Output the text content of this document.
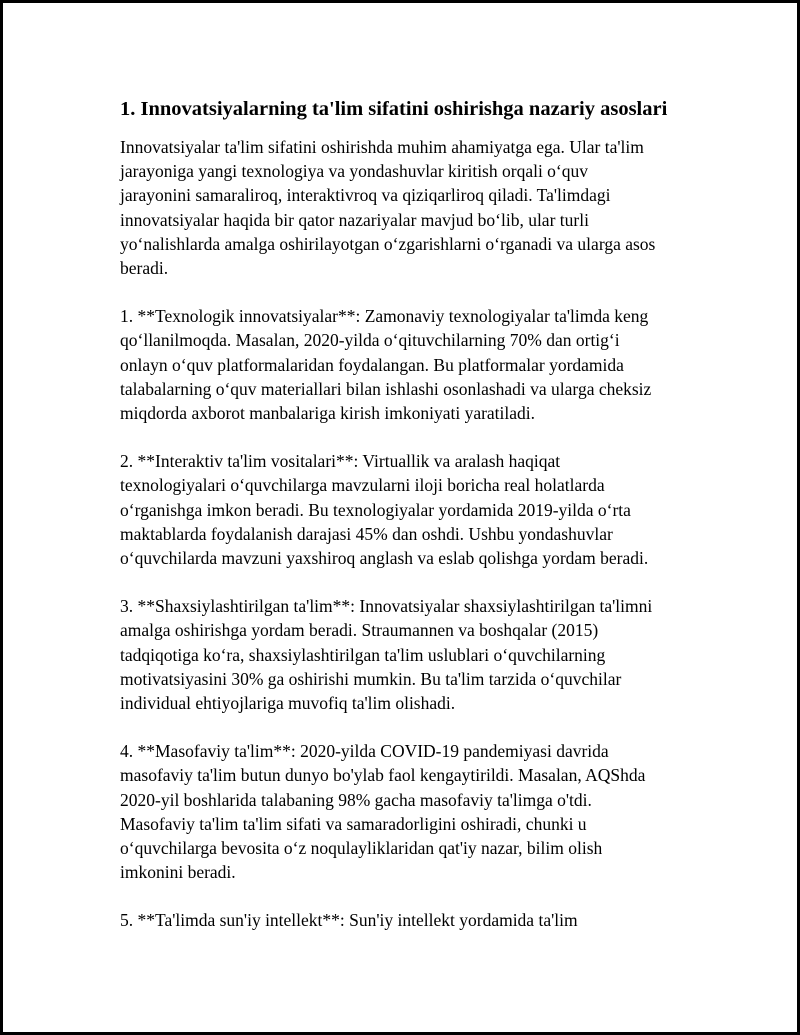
1. Innovatsiyalarning ta'lim sifatini oshirishga nazariy asoslari

Innovatsiyalar ta'lim sifatini oshirishda muhim ahamiyatga ega. Ular ta'lim
jarayoniga yangi texnologiya va yondashuvlar kiritish orqali o‘quv
jarayonini samaraliroq, interaktivroq va qiziqarliroq qiladi. Ta'limdagi
innovatsiyalar haqida bir qator nazariyalar mavjud bo‘lib, ular turli
yo‘nalishlarda amalga oshirilayotgan o‘zgarishlarni o‘rganadi va ularga asos
beradi.

1. **Texnologik innovatsiyalar**: Zamonaviy texnologiyalar ta'limda keng
qo‘llanilmoqda. Masalan, 2020-yilda o‘qituvchilarning 70% dan ortig‘i
onlayn o‘quv platformalaridan foydalangan. Bu platformalar yordamida
talabalarning o‘quv materiallari bilan ishlashi osonlashadi va ularga cheksiz
miqdorda axborot manbalariga kirish imkoniyati yaratiladi.

2. **Interaktiv ta'lim vositalari**: Virtuallik va aralash haqiqat
texnologiyalari o‘quvchilarga mavzularni iloji boricha real holatlarda
o‘rganishga imkon beradi. Bu texnologiyalar yordamida 2019-yilda o‘rta
maktablarda foydalanish darajasi 45% dan oshdi. Ushbu yondashuvlar
o‘quvchilarda mavzuni yaxshiroq anglash va eslab qolishga yordam beradi.

3. **Shaxsiylashtirilgan ta'lim**: Innovatsiyalar shaxsiylashtirilgan ta'limni
amalga oshirishga yordam beradi. Straumannen va boshqalar (2015)
tadqiqotiga ko‘ra, shaxsiylashtirilgan ta'lim uslublari o‘quvchilarning
motivatsiyasini 30% ga oshirishi mumkin. Bu ta'lim tarzida o‘quvchilar
individual ehtiyojlariga muvofiq ta'lim olishadi.

4. **Masofaviy ta'lim**: 2020-yilda COVID-19 pandemiyasi davrida
masofaviy ta'lim butun dunyo bo'ylab faol kengaytirildi. Masalan, AQShda
2020-yil boshlarida talabaning 98% gacha masofaviy ta'limga o'tdi.
Masofaviy ta'lim ta'lim sifati va samaradorligini oshiradi, chunki u
o‘quvchilarga bevosita o‘z noqulayliklaridan qat'iy nazar, bilim olish
imkonini beradi.

5. **Ta'limda sun'iy intellekt**: Sun'iy intellekt yordamida ta'lim
